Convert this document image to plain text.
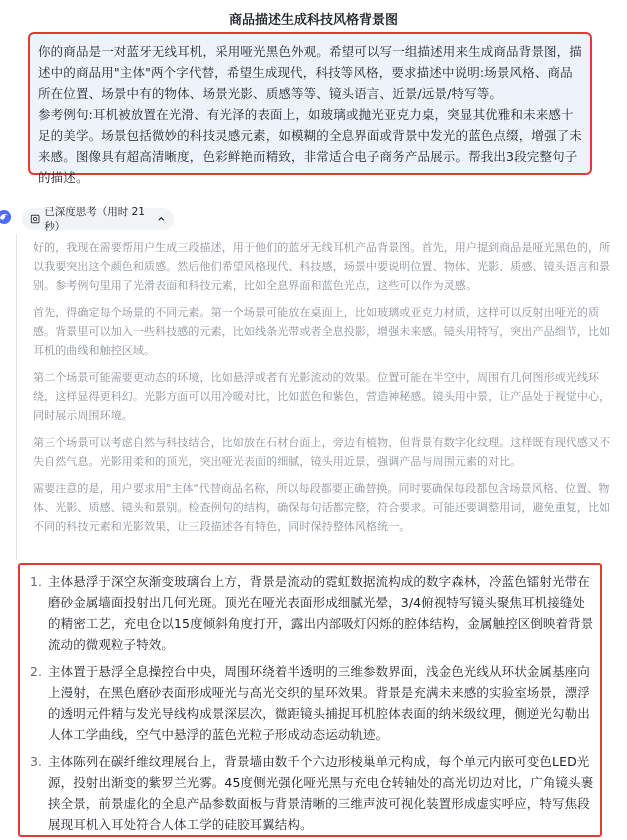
商品描述生成科技风格背景图

你的商品是一对蓝牙无线耳机，采用哑光黑色外观。希望可以写一组描述用来生成商品背景图，描述中的商品用"主体"两个字代替，希望生成现代，科技等风格，要求描述中说明:场景风格、商品所在位置、场景中有的物体、场景光影、质感等等、镜头语言、近景/远景/特写等。

参考例句:耳机被放置在光滑、有光泽的表面上，如玻璃或抛光亚克力桌，突显其优雅和未来感十足的美学。场景包括微妙的科技灵感元素，如模糊的全息界面或背景中发光的蓝色点缀，增强了未来感。图像具有超高清晰度，色彩鲜艳而精致，非常适合电子商务产品展示。帮我出3段完整句子的描述。

已深度思考（用时 21 秒）

好的，我现在需要帮用户生成三段描述，用于他们的蓝牙无线耳机产品背景图。首先，用户提到商品是哑光黑色的，所以我要突出这个颜色和质感。然后他们希望风格现代、科技感，场景中要说明位置、物体、光影、质感、镜头语言和景别。参考例句里用了光滑表面和科技元素，比如全息界面和蓝色光点，这些可以作为灵感。

首先，得确定每个场景的不同元素。第一个场景可能放在桌面上，比如玻璃或亚克力材质，这样可以反射出哑光的质感。背景里可以加入一些科技感的元素，比如线条光带或者全息投影，增强未来感。镜头用特写，突出产品细节，比如耳机的曲线和触控区域。

第二个场景可能需要更动态的环境，比如悬浮或者有光影流动的效果。位置可能在半空中，周围有几何图形或光线环绕，这样显得更科幻。光影方面可以用冷暖对比，比如蓝色和紫色，营造神秘感。镜头用中景，让产品处于视觉中心，同时展示周围环境。

第三个场景可以考虑自然与科技结合，比如放在石材台面上，旁边有植物，但背景有数字化纹理。这样既有现代感又不失自然气息。光影用柔和的顶光，突出哑光表面的细腻，镜头用近景，强调产品与周围元素的对比。

需要注意的是，用户要求用"主体"代替商品名称，所以每段都要正确替换。同时要确保每段都包含场景风格、位置、物体、光影、质感、镜头和景别。检查例句的结构，确保每句话都完整，符合要求。可能还要调整用词，避免重复，比如不同的科技元素和光影效果，让三段描述各有特色，同时保持整体风格统一。

1. 主体悬浮于深空灰渐变玻璃台上方，背景是流动的霓虹数据流构成的数字森林，冷蓝色镭射光带在磨砂金属墙面投射出几何光斑。顶光在哑光表面形成细腻光晕，3/4俯视特写镜头聚焦耳机接缝处的精密工艺，充电仓以15度倾斜角度打开，露出内部吸灯闪烁的腔体结构，金属触控区倒映着背景流动的微观粒子特效。
2. 主体置于悬浮全息操控台中央，周围环绕着半透明的三维参数界面，浅金色光线从环状金属基座向上漫射，在黑色磨砂表面形成哑光与高光交织的星环效果。背景是充满未来感的实验室场景，漂浮的透明元件精与发光导线构成景深层次，微距镜头捕捉耳机腔体表面的纳米级纹理，侧逆光勾勒出人体工学曲线，空气中悬浮的蓝色光粒子形成动态运动轨迹。
3. 主体陈列在碳纤维纹理展台上，背景墙由数千个六边形棱巢单元构成，每个单元内嵌可变色LED光源，投射出渐变的紫罗兰光雾。45度侧光强化哑光黑与充电仓转轴处的高光切边对比，广角镜头裹挟全景，前景虚化的全息产品参数面板与背景清晰的三维声波可视化装置形成虚实呼应，特写焦段展现耳机入耳处符合人体工学的硅胶耳翼结构。
